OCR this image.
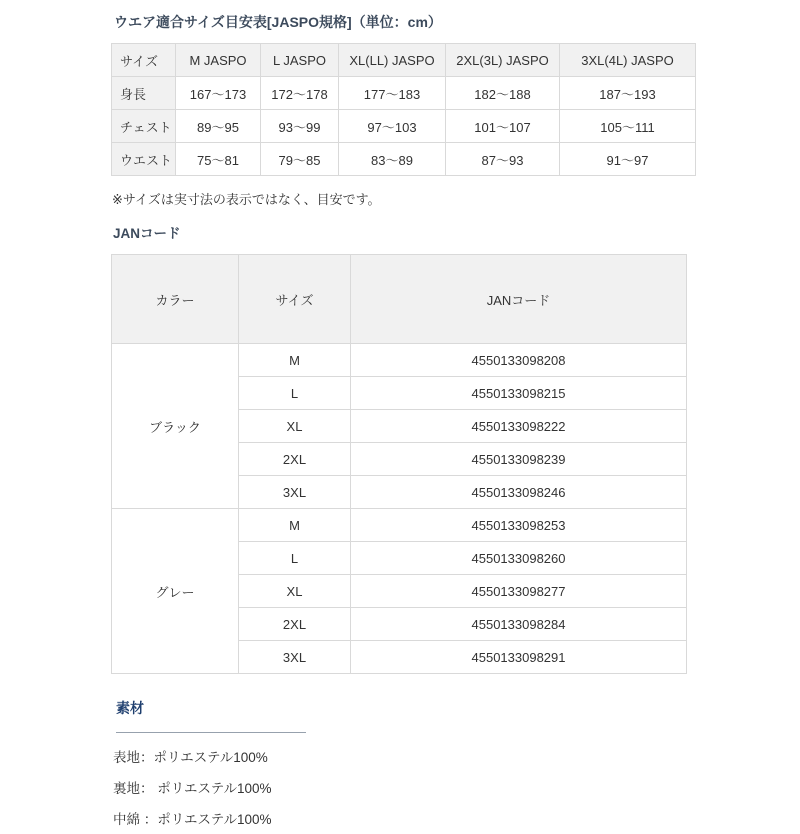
ウエア適合サイズ目安表[JASPO規格]（単位：cm）
サイズ	M JASPO	L JASPO	XL(LL) JASPO	2XL(3L) JASPO	3XL(4L) JASPO
身長	167～173	172～178	177～183	182～188	187～193
チェスト	89～95	93～99	97～103	101～107	105～111
ウエスト	75～81	79～85	83～89	87～93	91～97

※サイズは実寸法の表示ではなく、目安です。

JANコード
カラー	サイズ	JANコード
ブラック	M	4550133098208
	L	4550133098215
	XL	4550133098222
	2XL	4550133098239
	3XL	4550133098246
グレー	M	4550133098253
	L	4550133098260
	XL	4550133098277
	2XL	4550133098284
	3XL	4550133098291
素材

表地：ポリエステル100%

裏地： ポリエステル100%

中綿 ：ポリエステル100%
